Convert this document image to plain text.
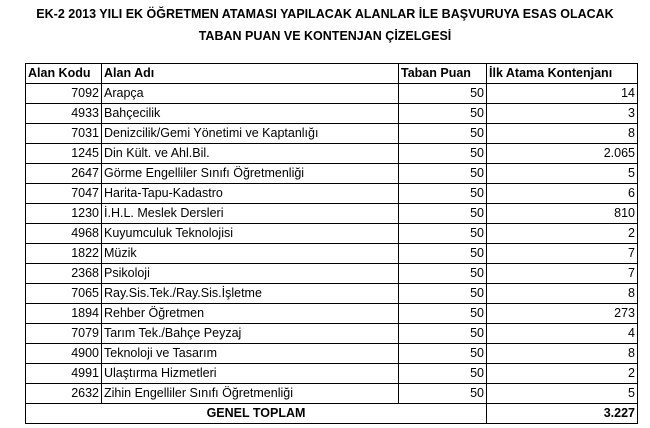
EK-2 2013 YILI EK ÖĞRETMEN ATAMASI YAPILACAK ALANLAR İLE BAŞVURUYA ESAS OLACAK
TABAN PUAN VE KONTENJAN ÇİZELGESİ
Alan Kodu	Alan Adı	Taban Puan	İlk Atama Kontenjanı
7092	Arapça	50	14
4933	Bahçecilik	50	3
7031	Denizcilik/Gemi Yönetimi ve Kaptanlığı	50	8
1245	Din Kült. ve Ahl.Bil.	50	2.065
2647	Görme Engelliler Sınıfı Öğretmenliği	50	5
7047	Harita-Tapu-Kadastro	50	6
1230	İ.H.L. Meslek Dersleri	50	810
4968	Kuyumculuk Teknolojisi	50	2
1822	Müzik	50	7
2368	Psikoloji	50	7
7065	Ray.Sis.Tek./Ray.Sis.İşletme	50	8
1894	Rehber Öğretmen	50	273
7079	Tarım Tek./Bahçe Peyzaj	50	4
4900	Teknoloji ve Tasarım	50	8
4991	Ulaştırma Hizmetleri	50	2
2632	Zihin Engelliler Sınıfı Öğretmenliği	50	5
GENEL TOPLAM			3.227
